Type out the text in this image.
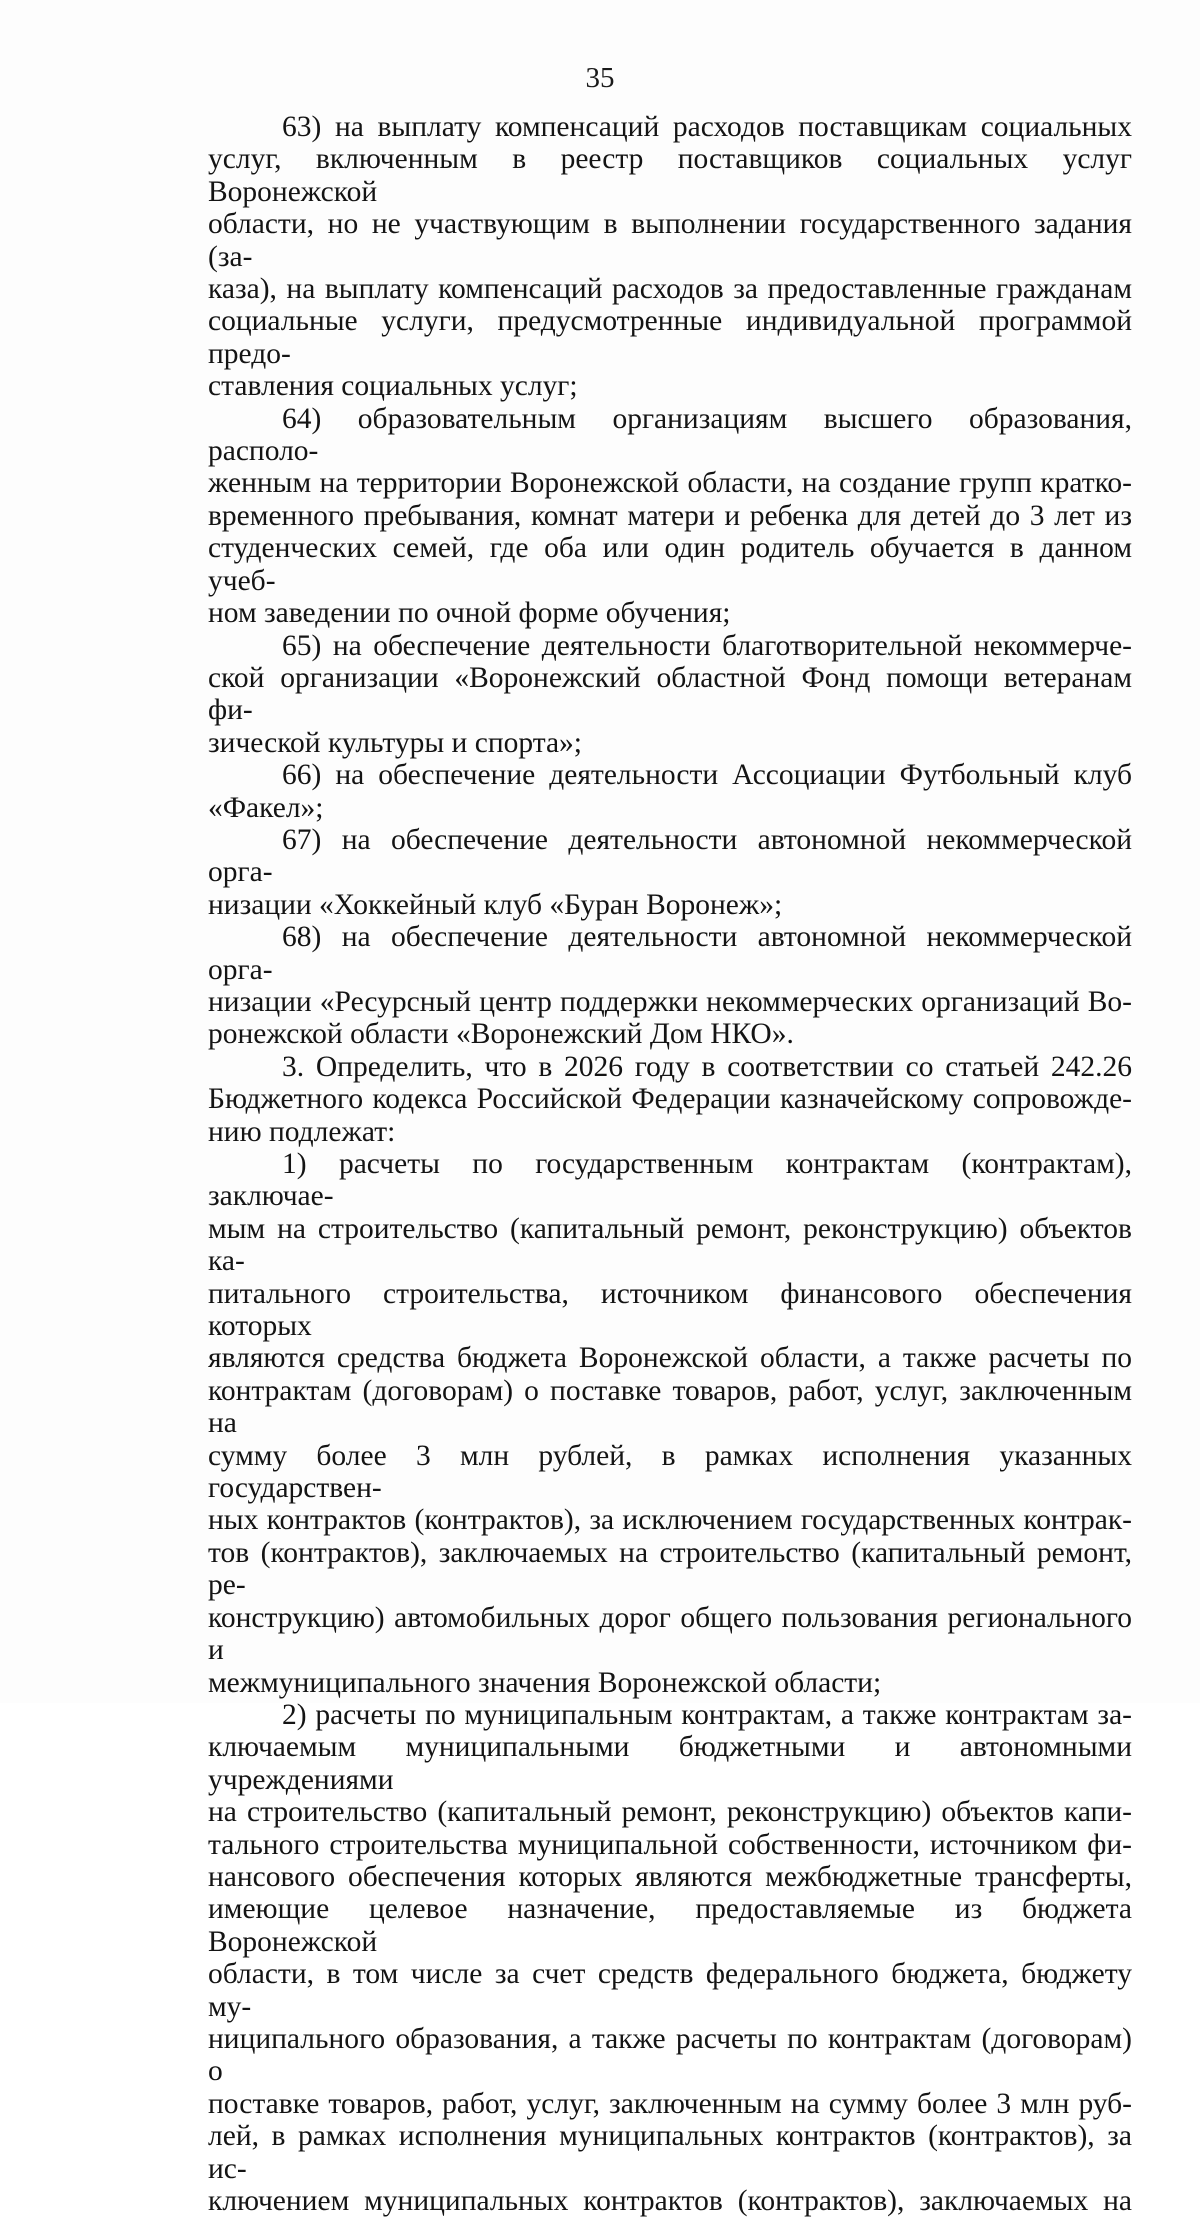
35
63) на выплату компенсаций расходов поставщикам социальных
услуг, включенным в реестр поставщиков социальных услуг Воронежской
области, но не участвующим в выполнении государственного задания (за-
каза), на выплату компенсаций расходов за предоставленные гражданам
социальные услуги, предусмотренные индивидуальной программой предо-
ставления социальных услуг;
64) образовательным организациям высшего образования, располо-
женным на территории Воронежской области, на создание групп кратко-
временного пребывания, комнат матери и ребенка для детей до 3 лет из
студенческих семей, где оба или один родитель обучается в данном учеб-
ном заведении по очной форме обучения;
65) на обеспечение деятельности благотворительной некоммерче-
ской организации «Воронежский областной Фонд помощи ветеранам фи-
зической культуры и спорта»;
66) на обеспечение деятельности Ассоциации Футбольный клуб
«Факел»;
67) на обеспечение деятельности автономной некоммерческой орга-
низации «Хоккейный клуб «Буран Воронеж»;
68) на обеспечение деятельности автономной некоммерческой орга-
низации «Ресурсный центр поддержки некоммерческих организаций Во-
ронежской области «Воронежский Дом НКО».
3. Определить, что в 2026 году в соответствии со статьей 242.26
Бюджетного кодекса Российской Федерации казначейскому сопровожде-
нию подлежат:
1) расчеты по государственным контрактам (контрактам), заключае-
мым на строительство (капитальный ремонт, реконструкцию) объектов ка-
питального строительства, источником финансового обеспечения которых
являются средства бюджета Воронежской области, а также расчеты по
контрактам (договорам) о поставке товаров, работ, услуг, заключенным на
сумму более 3 млн рублей, в рамках исполнения указанных государствен-
ных контрактов (контрактов), за исключением государственных контрак-
тов (контрактов), заключаемых на строительство (капитальный ремонт, ре-
конструкцию) автомобильных дорог общего пользования регионального и
межмуниципального значения Воронежской области;
2) расчеты по муниципальным контрактам, а также контрактам за-
ключаемым муниципальными бюджетными и автономными учреждениями
на строительство (капитальный ремонт, реконструкцию) объектов капи-
тального строительства муниципальной собственности, источником фи-
нансового обеспечения которых являются межбюджетные трансферты,
имеющие целевое назначение, предоставляемые из бюджета Воронежской
области, в том числе за счет средств федерального бюджета, бюджету му-
ниципального образования, а также расчеты по контрактам (договорам) о
поставке товаров, работ, услуг, заключенным на сумму более 3 млн руб-
лей, в рамках исполнения муниципальных контрактов (контрактов), за ис-
ключением муниципальных контрактов (контрактов), заключаемых на
